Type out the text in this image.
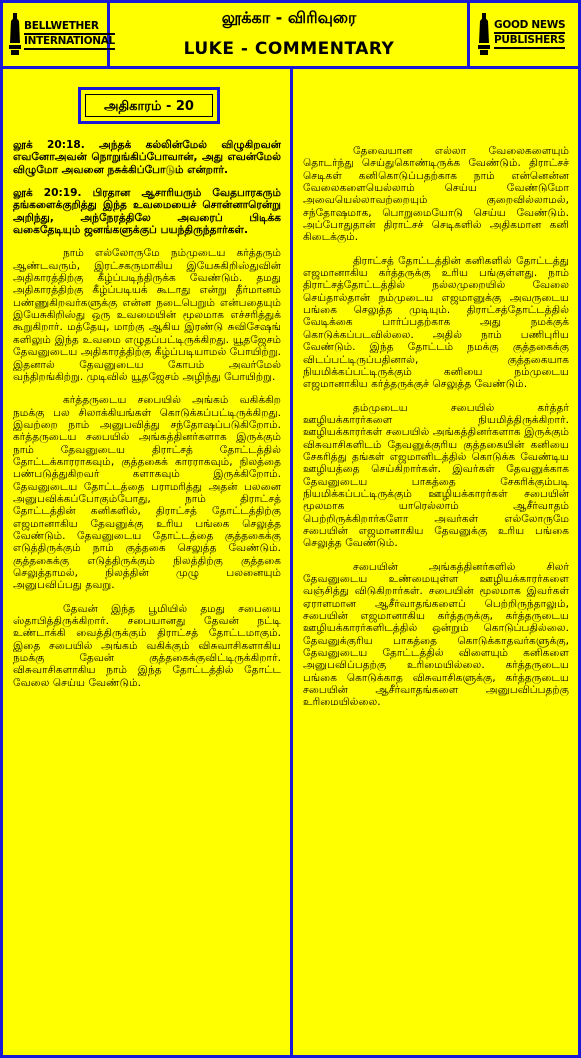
BELLWETHER
INTERNATIONAL
லூக்கா - விரிவுரை
LUKE - COMMENTARY
GOOD NEWS
PUBLISHERS
அதிகாரம் - 20

லூக் 20:18. அந்தக் கல்லின்மேல் விழுகிறவன் எவனோஅவன் நொறுங்கிப்போவான், அது எவன்மேல் விழுமோ அவனை நசுக்கிப்போடும் என்றார்.

லூக் 20:19. பிரதான ஆசாரியரும் வேதபாரகரும் தங்களைக்குறித்து இந்த உவமையைச் சொன்னாரென்று அறிந்து, அந்நேரத்திலே அவரைப் பிடிக்க வகைதேடியும் ஜனங்களுக்குப் பயந்திருந்தார்கள்.

நாம் எல்லோருமே நம்முடைய கர்த்தரும் ஆண்டவரும், இரட்சகருமாகிய இயேசுகிறிஸ்துவின் அதிகாரத்திற்கு கீழ்ப்படிந்திருக்க வேண்டும். தமது அதிகாரத்திற்கு கீழ்ப்படியக் கூடாது என்று தீர்மானம் பண்ணுகிறவர்களுக்கு என்ன நடைபெறும் என்பதையும் இயேசுகிறிஸ்து ஒரு உவமையின் மூலமாக எச்சரித்துக் கூறுகிறார். மத்தேயு, மாற்கு ஆகிய இரண்டு சுவிசேஷங் களிலும் இந்த உவமை எழுதப்பட்டிருக்கிறது. யூதஜேசம் தேவனுடைய அதிகாரத்திற்கு கீழ்ப்படியாமல் போயிற்று. இதனால் தேவனுடைய கோபம் அவர்மேல் வந்திறங்கிற்று. முடிவில் யூதஜேசம் அழிந்து போயிற்று.

கர்த்தருடைய சபையில் அங்கம் வகிக்கிற நமக்கு பல சிலாக்கியங்கள் கொடுக்கப்பட்டிருக்கிறது. இவற்றை நாம் அனுபவித்து சந்தோஷப்படுகிறோம். கர்த்தருடைய சபையில் அங்கத்தினர்களாக இருக்கும் நாம் தேவனுடைய திராட்சத் தோட்டத்தில் தோட்டக்காரராகவும், குத்தகைக் காரராகவும், நிலத்தை பண்படுத்துகிறவர் களாகவும் இருக்கிறோம். தேவனுடைய தோட்டத்தை பராமரித்து அதன் பலனை அனுபவிக்கப்போகும்போது, நாம் திராட்சத் தோட்டத்தின் கனிகளில், திராட்சத் தோட்டத்திற்கு எஜமானாகிய தேவனுக்கு உரிய பங்கை செலுத்த வேண்டும். தேவனுடைய தோட்டத்தை குத்தகைக்கு எடுத்திருக்கும் நாம் குத்தகை செலுத்த வேண்டும். குத்தகைக்கு எடுத்திருக்கும் நிலத்திற்கு குத்தகை செலுத்தாமல், நிலத்தின் முழு பலனையும் அனுபவிப்பது தவறு.

தேவன் இந்த பூமியில் தமது சபையை ஸ்தாபித்திருக்கிறார். சபையானது தேவன் நட்டி உண்டாக்கி வைத்திருக்கும் திராட்சத் தோட்டமாகும். இதை சபையில் அங்கம் வகிக்கும் விசுவாசிகளாகிய நமக்கு தேவன் குத்தகைக்குவிட்டிருக்கிறார். விசுவாசிகளாகிய நாம் இந்த தோட்டத்தில் தோட்ட வேலை செய்ய வேண்டும்.

தேவையான எல்லா வேலைகளையும் தொடர்ந்து செய்துகொண்டிருக்க வேண்டும். திராட்சச் செடிகள் கனிகொடுப்பதற்காக நாம் என்னென்ன வேலைகளையெல்லாம் செய்ய வேண்டுமோ அவையெல்லாவற்றையும் குறைவில்லாமல், சந்தோஷமாக, பொறுமையோடு செய்ய வேண்டும். அப்போதுதான் திராட்சச் செடிகளில் அதிகமான கனி கிடைக்கும்.

திராட்சத் தோட்டத்தின் கனிகளில் தோட்டத்து எஜமானாகிய கர்த்தருக்கு உரிய பங்குள்ளது. நாம் திராட்சத்தோட்டத்தில் நல்லமுறையில் வேலை செய்தால்தான் நம்முடைய எஜமானுக்கு அவருடைய பங்கை செலுத்த முடியும். திராட்சத்தோட்டத்தில் வேடிக்கை பார்ப்பதற்காக அது நமக்குக் கொடுக்கப்படவில்லை. அதில் நாம் பணிபுரிய வேண்டும். இந்த தோட்டம் நமக்கு குத்தகைக்கு விடப்பட்டிருப்பதினால், குத்தகையாக நியமிக்கப்பட்டிருக்கும் கனியை நம்முடைய எஜமானாகிய கர்த்தருக்குச் செலுத்த வேண்டும்.

தம்முடைய சபையில் கர்த்தர் ஊழியக்காரர்களை நியமித்திருக்கிறார். ஊழியக்காரர்கள் சபையில் அங்கத்தினர்களாக இருக்கும் விசுவாசிகளிடம் தேவனுக்குரிய குத்தகையின் கனியை சேகரித்து தங்கள் எஜமானிடத்தில் கொடுக்க வேண்டிய ஊழியத்தை செய்கிறார்கள். இவர்கள் தேவனுக்காக தேவனுடைய பாகத்தை சேகரிக்கும்படி நியமிக்கப்பட்டிருக்கும் ஊழியக்காரர்கள் சபையின் மூலமாக யாரெல்லாம் ஆசீர்வாதம் பெற்றிருக்கிறார்களோ அவர்கள் எல்லோருமே சபையின் எஜமானாகிய தேவனுக்கு உரிய பங்கை செலுத்த வேண்டும்.

சபையின் அங்கத்தினர்களில் சிலர் தேவனுடைய உண்மையுள்ள ஊழியக்காரர்களை வஞ்சித்து விடுகிறார்கள். சபையின் மூலமாக இவர்கள் ஏராளமான ஆசீர்வாதங்களைப் பெற்றிருந்தாலும், சபையின் எஜமானாகிய கர்த்தருக்கு, கர்த்தருடைய ஊழியக்காரர்களிடத்தில் ஒன்றும் கொடுப்பதில்லை. தேவனுக்குரிய பாகத்தை கொடுக்காதவர்களுக்கு, தேவனுடைய தோட்டத்தில் விளையும் கனிகளை அனுபவிப்பதற்கு உரிமையில்லை. கர்த்தருடைய பங்கை கொடுக்காத விசுவாசிகளுக்கு, கர்த்தருடைய சபையின் ஆசீர்வாதங்களை அனுபவிப்பதற்கு உரிமையில்லை.
